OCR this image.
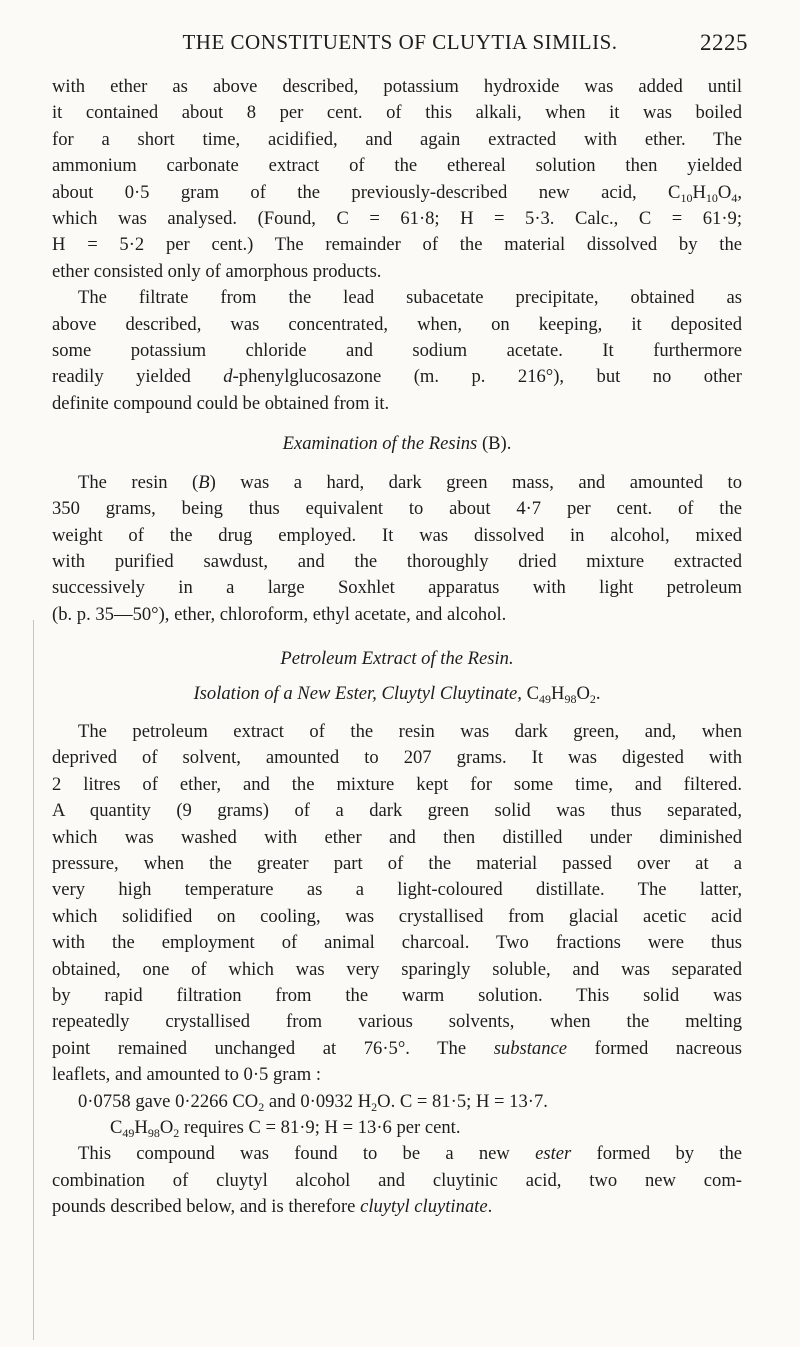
THE CONSTITUENTS OF CLUYTIA SIMILIS.	2225

with ether as above described, potassium hydroxide was added until
it contained about 8 per cent. of this alkali, when it was boiled
for a short time, acidified, and again extracted with ether. The
ammonium carbonate extract of the ethereal solution then yielded
about 0·5 gram of the previously-described new acid, $C_{10}H_{10}O_4$,
which was analysed. (Found, C = 61·8; H = 5·3. Calc., C = 61·9;
H = 5·2 per cent.) The remainder of the material dissolved by the
ether consisted only of amorphous products.

The filtrate from the lead subacetate precipitate, obtained as
above described, was concentrated, when, on keeping, it deposited
some potassium chloride and sodium acetate. It furthermore
readily yielded d-phenylglucosazone (m. p. 216°), but no other
definite compound could be obtained from it.

Examination of the Resins (B).

The resin (B) was a hard, dark green mass, and amounted to
350 grams, being thus equivalent to about 4·7 per cent. of the
weight of the drug employed. It was dissolved in alcohol, mixed
with purified sawdust, and the thoroughly dried mixture extracted
successively in a large Soxhlet apparatus with light petroleum
(b. p. 35—50°), ether, chloroform, ethyl acetate, and alcohol.

Petroleum Extract of the Resin.
Isolation of a New Ester, Cluytyl Cluytinate, $C_{49}H_{98}O_2$.

The petroleum extract of the resin was dark green, and, when
deprived of solvent, amounted to 207 grams. It was digested with
2 litres of ether, and the mixture kept for some time, and filtered.
A quantity (9 grams) of a dark green solid was thus separated,
which was washed with ether and then distilled under diminished
pressure, when the greater part of the material passed over at a
very high temperature as a light-coloured distillate. The latter,
which solidified on cooling, was crystallised from glacial acetic acid
with the employment of animal charcoal. Two fractions were thus
obtained, one of which was very sparingly soluble, and was separated
by rapid filtration from the warm solution. This solid was
repeatedly crystallised from various solvents, when the melting
point remained unchanged at 76·5°. The substance formed nacreous
leaflets, and amounted to 0·5 gram :

0·0758 gave 0·2266 $CO_2$ and 0·0932 $H_2O$. C = 81·5; H = 13·7.
$C_{49}H_{98}O_2$ requires C = 81·9; H = 13·6 per cent.

This compound was found to be a new ester formed by the
combination of cluytyl alcohol and cluytinic acid, two new com-
pounds described below, and is therefore cluytyl cluytinate.
